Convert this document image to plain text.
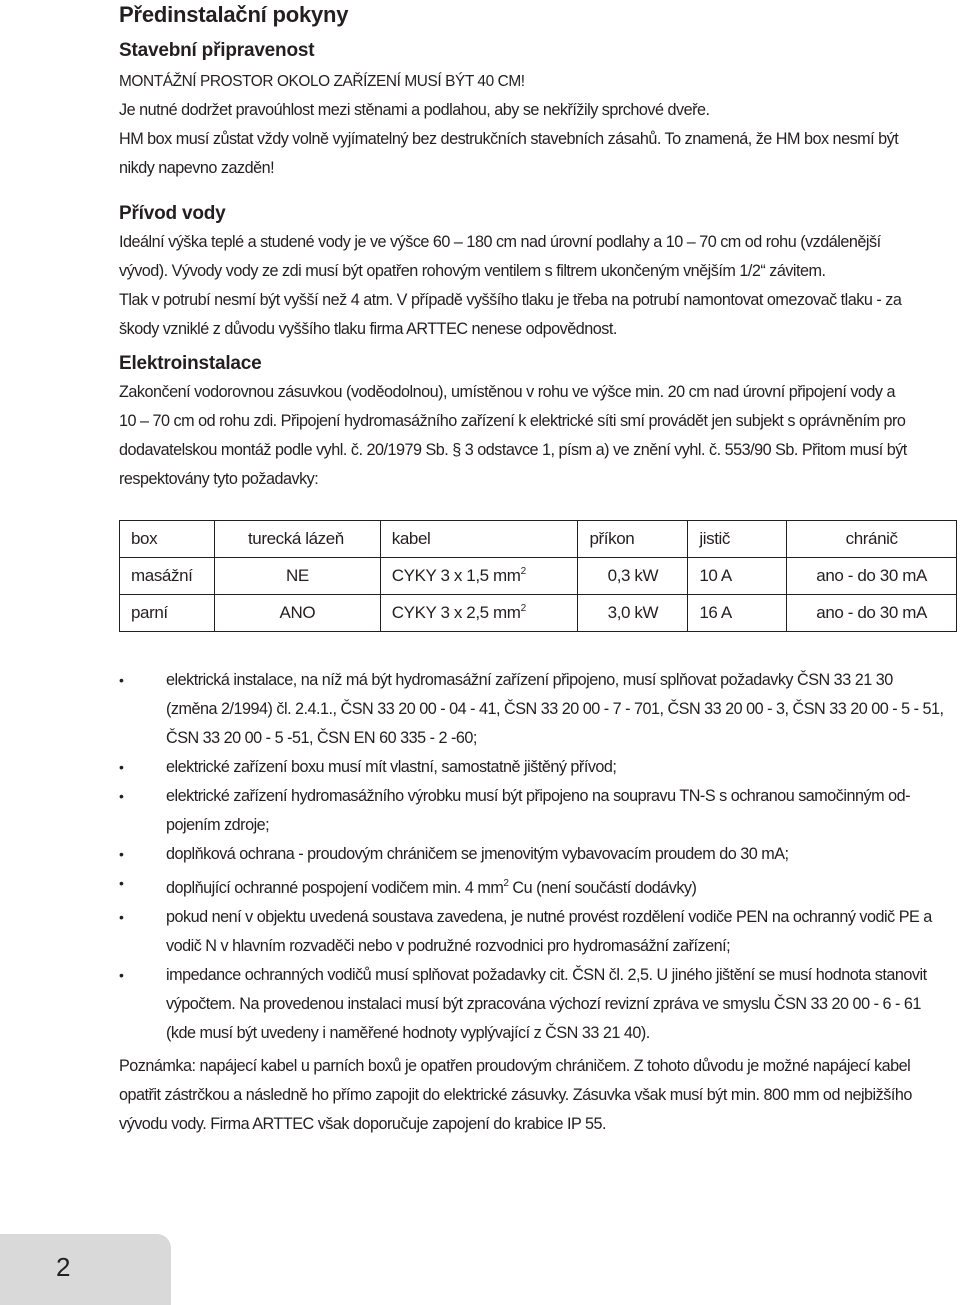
Předinstalační pokyny
Stavební připravenost

MONTÁŽNÍ PROSTOR OKOLO ZAŘÍZENÍ MUSÍ BÝT 40 CM!

Je nutné dodržet pravoúhlost mezi stěnami a podlahou, aby se nekřížily sprchové dveře.

HM box musí zůstat vždy volně vyjímatelný bez destrukčních stavebních zásahů. To znamená, že HM box nesmí být

nikdy napevno zazděn!

Přívod vody

Ideální výška teplé a studené vody je ve výšce 60 – 180 cm nad úrovní podlahy a 10 – 70 cm od rohu (vzdálenější

vývod). Vývody vody ze zdi musí být opatřen rohovým ventilem s filtrem ukončeným vnějším 1/2“ závitem.

Tlak v potrubí nesmí být vyšší než 4 atm. V případě vyššího tlaku je třeba na potrubí namontovat omezovač tlaku - za

škody vzniklé z důvodu vyššího tlaku firma ARTTEC nenese odpovědnost.

Elektroinstalace

Zakončení vodorovnou zásuvkou (voděodolnou), umístěnou v rohu ve výšce min. 20 cm nad úrovní připojení vody a

10 – 70 cm od rohu zdi. Připojení hydromasážního zařízení k elektrické síti smí provádět jen subjekt s oprávněním pro

dodavatelskou montáž podle vyhl. č. 20/1979 Sb. § 3 odstavce 1, písm a) ve znění vyhl. č. 553/90 Sb. Přitom musí být

respektovány tyto požadavky:

box	turecká lázeň	kabel	příkon	jistič	chránič
masážní	NE	CYKY 3 x 1,5 $mm^2$	0,3 kW	10 A	ano - do 30 mA
parní	ANO	CYKY 3 x 2,5 $mm^2$	3,0 kW	16 A	ano - do 30 mA
•	elektrická instalace, na níž má být hydromasážní zařízení připojeno, musí splňovat požadavky ČSN 33 21 30
(změna 2/1994) čl. 2.4.1., ČSN 33 20 00 - 04 - 41, ČSN 33 20 00 - 7 - 701, ČSN 33 20 00 - 3, ČSN 33 20 00 - 5 - 51,
ČSN 33 20 00 - 5 -51, ČSN EN 60 335 - 2 -60;
•	elektrické zařízení boxu musí mít vlastní, samostatně jištěný přívod;
•	elektrické zařízení hydromasážního výrobku musí být připojeno na soupravu TN-S s ochranou samočinným od-
pojením zdroje;
•	doplňková ochrana - proudovým chráničem se jmenovitým vybavovacím proudem do 30 mA;
•	doplňující ochranné pospojení vodičem min. 4 $mm^2$ Cu (není součástí dodávky)
•	pokud není v objektu uvedená soustava zavedena, je nutné provést rozdělení vodiče PEN na ochranný vodič PE a
vodič N v hlavním rozvaděči nebo v podružné rozvodnici pro hydromasážní zařízení;
•	impedance ochranných vodičů musí splňovat požadavky cit. ČSN čl. 2,5. U jiného jištění se musí hodnota stanovit
výpočtem. Na provedenou instalaci musí být zpracována výchozí revizní zpráva ve smyslu ČSN 33 20 00 - 6 - 61
(kde musí být uvedeny i naměřené hodnoty vyplývající z ČSN 33 21 40).

Poznámka: napájecí kabel u parních boxů je opatřen proudovým chráničem. Z tohoto důvodu je možné napájecí kabel

opatřit zástrčkou a následně ho přímo zapojit do elektrické zásuvky. Zásuvka však musí být min. 800 mm od nejbižšího

vývodu vody. Firma ARTTEC však doporučuje zapojení do krabice IP 55.

2
